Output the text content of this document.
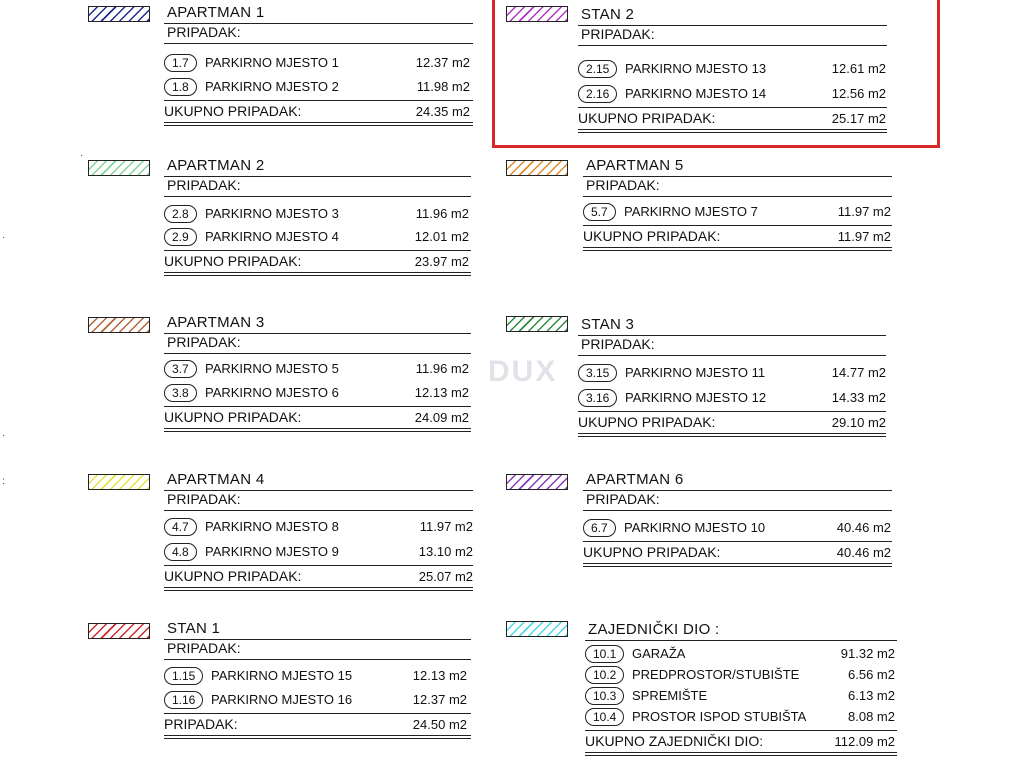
DUX
·
·
·
:
APARTMAN 1
PRIPADAK:
1.7	PARKIRNO MJESTO 1	12.37 m2
1.8	PARKIRNO MJESTO 2	11.98 m2
UKUPNO PRIPADAK:	24.35 m2
STAN 2
PRIPADAK:
2.15	PARKIRNO MJESTO 13	12.61 m2
2.16	PARKIRNO MJESTO 14	12.56 m2
UKUPNO PRIPADAK:	25.17 m2
APARTMAN 2
PRIPADAK:
2.8	PARKIRNO MJESTO 3	11.96 m2
2.9	PARKIRNO MJESTO 4	12.01 m2
UKUPNO PRIPADAK:	23.97 m2
APARTMAN 5
PRIPADAK:
5.7	PARKIRNO MJESTO 7	11.97 m2
UKUPNO PRIPADAK:	11.97 m2
APARTMAN 3
PRIPADAK:
3.7	PARKIRNO MJESTO 5	11.96 m2
3.8	PARKIRNO MJESTO 6	12.13 m2
UKUPNO PRIPADAK:	24.09 m2
STAN 3
PRIPADAK:
3.15	PARKIRNO MJESTO 11	14.77 m2
3.16	PARKIRNO MJESTO 12	14.33 m2
UKUPNO PRIPADAK:	29.10 m2
APARTMAN 4
PRIPADAK:
4.7	PARKIRNO MJESTO 8	11.97 m2
4.8	PARKIRNO MJESTO 9	13.10 m2
UKUPNO PRIPADAK:	25.07 m2
APARTMAN 6
PRIPADAK:
6.7	PARKIRNO MJESTO 10	40.46 m2
UKUPNO PRIPADAK:	40.46 m2
STAN 1
PRIPADAK:
1.15	PARKIRNO MJESTO 15	12.13 m2
1.16	PARKIRNO MJESTO 16	12.37 m2
PRIPADAK:	24.50 m2
ZAJEDNIČKI DIO :
10.1	GARAŽA	91.32 m2
10.2	PREDPROSTOR/STUBIŠTE	6.56 m2
10.3	SPREMIŠTE	6.13 m2
10.4	PROSTOR ISPOD STUBIŠTA	8.08 m2
UKUPNO ZAJEDNIČKI DIO:	112.09 m2
